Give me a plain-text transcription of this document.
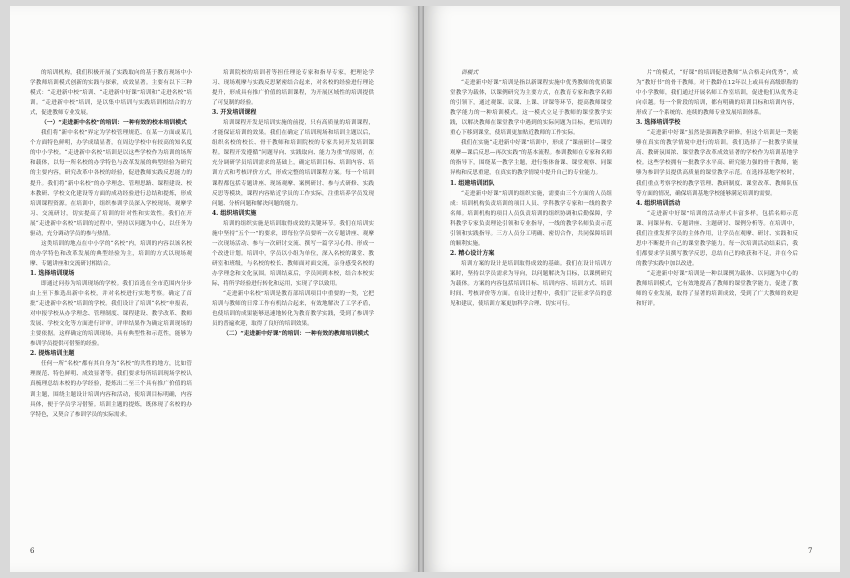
的培训机构，我们积极开展了实践取向的基于教育现场中小学教师培训模式创新的实践与探索，成效显著。主要有以下三种模式：“走进新中校”培训、“走进新中好课”培训和“走进名校”培训。“走进新中校”培训，是以集中培训与实践培训相结合的方式，促进教师专业发展。

（一）“走进新中名校”的培训：一种有效的校本培训模式

我们将“新中名校”界定为学校管理规范、在某一方面或某几个方面特色鲜明，办学成绩显著，在周边学校中有较高的知名度的中小学校。“走进新中名校”培训是以这些学校作为培训的场所和载体，以每一所名校的办学特色与改革发展的典型经验为研究的主要内容，研究改革中各校的经验，促进教师实践反思能力的提升。我们将“新中名校”的办学理念、管理思路、课程建设、校本教研、学校文化建设等方面的成功经验进行总结和提炼，形成培训课程资源。在培训中，组织参训学员深入学校现场，观摩学习、交流研讨，切实提高了培训的针对性和实效性。我们在开展“走进新中名校”培训的过程中，坚持以问题为中心，以任务为驱动，充分调动学员的参与热情。

这类培训的地点在中小学的“名校”内，培训的内容以该名校的办学特色和改革发展的典型经验为主，培训的方式以现场观摩、专题讲座和交流研讨相结合。

1. 选择培训现场

即通过问券为培训现场的学校。我们首选在全市范围内分步由上至下推选出新中名校，并对名校进行实地考察。确定了首批“走进新中名校”培训的学校。我们设计了培训“名校”申报表，对申报学校从办学理念、管理制度、课程建设、教学改革、教师发展、学校文化等方面进行评审，评审结果作为确定培训现场的主要依据。这样确定的培训现场，具有典型性和示范性，能够为参训学员提供可借鉴的经验。

2. 提炼培训主题

任何一所“名校”都有其自身为“名校”的共性的地方，比如管理规范、特色鲜明、成效显著等。我们要求每所培训现场学校认真梳理总结本校的办学经验，提炼出二至三个具有推广价值的培训主题，围绕主题设计培训内容和活动，使培训目标明确，内容具体，便于学员学习借鉴。培训主题的提炼，既体现了名校的办学特色，又契合了参训学员的实际需求。

培训院校的培训者等担任理论专家和指导专家，把理论学习、现场观摩与实践反思紧密结合起来，对名校的经验进行理论提升，形成具有推广价值的培训课程，为开展区域性的培训提供了可复制的经验。

3. 开发培训课程

培训课程开发是培训实施的前提，只有高质量的培训课程，才能保证培训的效果。我们在确定了培训现场和培训主题以后，组织名校的校长、骨干教师和培训院校的专家共同开发培训课程。课程开发遵循“问题导向、实践取向、能力为重”的原则，在充分调研学员培训需求的基础上，确定培训目标、培训内容、培训方式和考核评价方式，形成完整的培训课程方案。每一个培训课程都包括专题讲座、现场观摩、案例研讨、参与式研修、实践反思等模块，课程内容贴近学员的工作实际，注重培养学员发现问题、分析问题和解决问题的能力。

4. 组织培训实施

培训的组织实施是培训取得成效的关键环节。我们在培训实施中坚持“五个一”的要求，即每位学员要听一次专题讲座、观摩一次现场活动、参与一次研讨交流、撰写一篇学习心得、形成一个改进计划。培训中，学员以小组为单位，深入名校的课堂、教研室和班级，与名校的校长、教师面对面交流，亲身感受名校的办学理念和文化氛围。培训结束后，学员回到本校，结合本校实际，将所学经验进行转化和运用，实现了学以致用。

“走进新中名校”培训是教育部培训项目中重要的一类，它把培训与教师的日常工作有机结合起来，有效地解决了工学矛盾，也使培训的成果能够迅速地转化为教育教学实践，受到了参训学员的普遍欢迎，取得了良好的培训效果。

（二）“走进新中好课”的培训：一种有效的教师培训模式

6

训模式

“走进新中好课”培训是指以新课程实施中优秀教师的优质课堂教学为载体，以课例研究为主要方式，在教育专家和教学名师的引领下，通过观课、议课、上课、评课等环节，提高教师课堂教学能力的一种培训模式。这一模式立足于教师的课堂教学实践，以解决教师在课堂教学中遇到的实际问题为目标，把培训的重心下移到课堂，使培训更加贴近教师的工作实际。

我们在实施“走进新中好课”培训中，形成了“课前研讨—课堂观摩—课后反思—再次实践”的基本流程。参训教师在专家和名师的指导下，围绕某一教学主题，进行集体备课、课堂观察、同课异构和反思重建，在真实的教学情境中提升自己的专业能力。

1. 组建培训团队

“走进新中好课”培训的组织实施，需要由三个方面的人员组成：培训机构负责培训的项目人员、学科教学专家和一线的教学名师。培训机构的项目人员负责培训的组织协调和后勤保障，学科教学专家负责理论引领和专业指导，一线的教学名师负责示范引领和实践指导。三方人员分工明确、密切合作，共同保障培训的顺利实施。

2. 精心设计方案

培训方案的设计是培训取得成效的基础。我们在设计培训方案时，坚持以学员需求为导向，以问题解决为目标，以课例研究为载体。方案的内容包括培训目标、培训内容、培训方式、培训时间、考核评价等方面。在设计过程中，我们广泛征求学员的意见和建议，使培训方案更加科学合理、切实可行。

片”的模式，“好课”的培训促进教师“从合格走向优秀”，成为“教好书”的骨干教师。对于教龄在12年以上或具有高级职称的中小学教师，我们通过开展名师工作室培训，促进他们从优秀走向卓越。每一个阶段的培训，都有明确的培训目标和培训内容，形成了一个系统的、连续的教师专业发展培训体系。

3. 选择培训学校

“走进新中好课”虽然是强调教学研修，但这个培训是一类能够在真实的教学情境中进行的培训。我们选择了一批教学质量高、教研氛围浓、课堂教学改革成效显著的学校作为培训基地学校。这些学校拥有一批教学水平高、研究能力强的骨干教师，能够为参训学员提供高质量的课堂教学示范。在选择基地学校时，我们重点考察学校的教学管理、教研制度、课堂改革、教师队伍等方面的情况，确保培训基地学校能够满足培训的需要。

4. 组织培训活动

“走进新中好课”培训的活动形式丰富多样，包括名师示范课、同课异构、专题讲座、主题研讨、课例分析等。在培训中，我们注重发挥学员的主体作用，让学员在观摩、研讨、实践和反思中不断提升自己的课堂教学能力。每一次培训活动结束后，我们都要求学员撰写教学反思，总结自己的收获和不足，并在今后的教学实践中加以改进。

“走进新中好课”培训是一种以课例为载体、以问题为中心的教师培训模式，它有效地提高了教师的课堂教学能力，促进了教师的专业发展，取得了显著的培训成效，受到了广大教师的欢迎和好评。

7
